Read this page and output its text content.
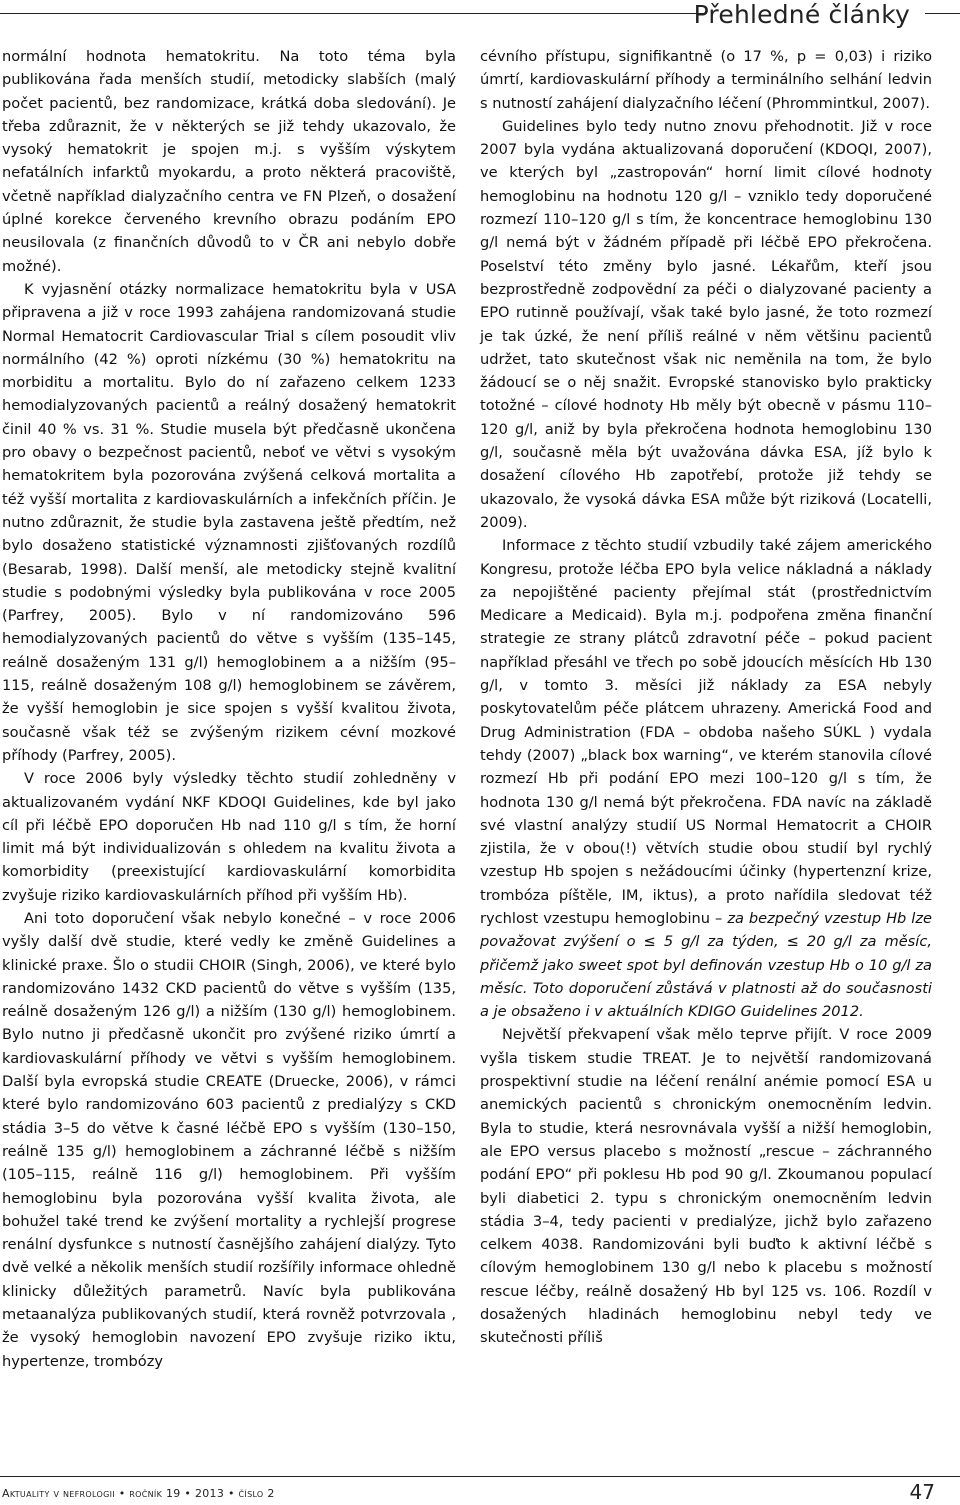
Přehledné články

normální hodnota hematokritu. Na toto téma byla publikována řada menších studií, metodicky slabších (malý počet pacientů, bez randomizace, krátká doba sledování). Je třeba zdůraznit, že v některých se již tehdy ukazovalo, že vysoký hematokrit je spojen m.j. s vyšším výskytem nefatálních infarktů myokardu, a proto některá pracoviště, včetně například dialyzačního centra ve FN Plzeň, o dosažení úplné korekce červeného krevního obrazu podáním EPO neusilovala (z finančních důvodů to v ČR ani nebylo dobře možné).

K vyjasnění otázky normalizace hematokritu byla v USA připravena a již v roce 1993 zahájena randomizovaná studie Normal Hematocrit Cardiovascular Trial s cílem posoudit vliv normálního (42 %) oproti nízkému (30 %) hematokritu na morbiditu a mortalitu. Bylo do ní zařazeno celkem 1233 hemodialyzovaných pacientů a reálný dosažený hematokrit činil 40 % vs. 31 %. Studie musela být předčasně ukončena pro obavy o bezpečnost pacientů, neboť ve větvi s vysokým hematokritem byla pozorována zvýšená celková mortalita a též vyšší mortalita z kardiovaskulárních a infekčních příčin. Je nutno zdůraznit, že studie byla zastavena ještě předtím, než bylo dosaženo statistické významnosti zjišťovaných rozdílů (Besarab, 1998). Další menší, ale metodicky stejně kvalitní studie s podobnými výsledky byla publikována v roce 2005 (Parfrey, 2005). Bylo v ní randomizováno 596 hemodialyzovaných pacientů do větve s vyšším (135–145, reálně dosaženým 131 g/l) hemoglobinem a a nižším (95–115, reálně dosaženým 108 g/l) hemoglobinem se závěrem, že vyšší hemoglobin je sice spojen s vyšší kvalitou života, současně však též se zvýšeným rizikem cévní mozkové příhody (Parfrey, 2005).

V roce 2006 byly výsledky těchto studií zohledněny v aktualizovaném vydání NKF KDOQI Guidelines, kde byl jako cíl při léčbě EPO doporučen Hb nad 110 g/l s tím, že horní limit má být individualizován s ohledem na kvalitu života a komorbidity (preexistující kardiovaskulární komorbidita zvyšuje riziko kardiovaskulárních příhod při vyšším Hb).

Ani toto doporučení však nebylo konečné – v roce 2006 vyšly další dvě studie, které vedly ke změně Guidelines a klinické praxe. Šlo o studii CHOIR (Singh, 2006), ve které bylo randomizováno 1432 CKD pacientů do větve s vyšším (135, reálně dosaženým 126 g/l) a nižším (130 g/l) hemoglobinem. Bylo nutno ji předčasně ukončit pro zvýšené riziko úmrtí a kardiovaskulární příhody ve větvi s vyšším hemoglobinem. Další byla evropská studie CREATE (Druecke, 2006), v rámci které bylo randomizováno 603 pacientů z predialýzy s CKD stádia 3–5 do větve k časné léčbě EPO s vyšším (130–150, reálně 135 g/l) hemoglobinem a záchranné léčbě s nižším (105–115, reálně 116 g/l) hemoglobinem. Při vyšším hemoglobinu byla pozorována vyšší kvalita života, ale bohužel také trend ke zvýšení mortality a rychlejší progrese renální dysfunkce s nutností časnějšího zahájení dialýzy. Tyto dvě velké a několik menších studií rozšířily informace ohledně klinicky důležitých parametrů. Navíc byla publikována metaanalýza publikovaných studií, která rovněž potvrzovala , že vysoký hemoglobin navození EPO zvyšuje riziko iktu, hypertenze, trombózy

cévního přístupu, signifikantně (o 17 %, p = 0,03) i riziko úmrtí, kardiovaskulární příhody a terminálního selhání ledvin s nutností zahájení dialyzačního léčení (Phrommintkul, 2007).

Guidelines bylo tedy nutno znovu přehodnotit. Již v roce 2007 byla vydána aktualizovaná doporučení (KDOQI, 2007), ve kterých byl „zastropován“ horní limit cílové hodnoty hemoglobinu na hodnotu 120 g/l – vzniklo tedy doporučené rozmezí 110–120 g/l s tím, že koncentrace hemoglobinu 130 g/l nemá být v žádném případě při léčbě EPO překročena. Poselství této změny bylo jasné. Lékařům, kteří jsou bezprostředně zodpovědní za péči o dialyzované pacienty a EPO rutinně používají, však také bylo jasné, že toto rozmezí je tak úzké, že není příliš reálné v něm většinu pacientů udržet, tato skutečnost však nic neměnila na tom, že bylo žádoucí se o něj snažit. Evropské stanovisko bylo prakticky totožné – cílové hodnoty Hb měly být obecně v pásmu 110–120 g/l, aniž by byla překročena hodnota hemoglobinu 130 g/l, současně měla být uvažována dávka ESA, jíž bylo k dosažení cílového Hb zapotřebí, protože již tehdy se ukazovalo, že vysoká dávka ESA může být riziková (Locatelli, 2009).

Informace z těchto studií vzbudily také zájem amerického Kongresu, protože léčba EPO byla velice nákladná a náklady za nepojištěné pacienty přejímal stát (prostřednictvím Medicare a Medicaid). Byla m.j. podpořena změna finanční strategie ze strany plátců zdravotní péče – pokud pacient například přesáhl ve třech po sobě jdoucích měsících Hb 130 g/l, v tomto 3. měsíci již náklady za ESA nebyly poskytovatelům péče plátcem uhrazeny. Americká Food and Drug Administration (FDA – obdoba našeho SÚKL ) vydala tehdy (2007) „black box warning“, ve kterém stanovila cílové rozmezí Hb při podání EPO mezi 100–120 g/l s tím, že hodnota 130 g/l nemá být překročena. FDA navíc na základě své vlastní analýzy studií US Normal Hematocrit a CHOIR zjistila, že v obou(!) větvích studie obou studií byl rychlý vzestup Hb spojen s nežádoucími účinky (hypertenzní krize, trombóza píštěle, IM, iktus), a proto nařídila sledovat též rychlost vzestupu hemoglobinu – za bezpečný vzestup Hb lze považovat zvýšení o ≤ 5 g/l za týden, ≤ 20 g/l za měsíc, přičemž jako sweet spot byl definován vzestup Hb o 10 g/l za měsíc. Toto doporučení zůstává v platnosti až do současnosti a je obsaženo i v aktuálních KDIGO Guidelines 2012.

Největší překvapení však mělo teprve přijít. V roce 2009 vyšla tiskem studie TREAT. Je to největší randomizovaná prospektivní studie na léčení renální anémie pomocí ESA u anemických pacientů s chronickým onemocněním ledvin. Byla to studie, která nesrovnávala vyšší a nižší hemoglobin, ale EPO versus placebo s možností „rescue – záchranného podání EPO“ při poklesu Hb pod 90 g/l. Zkoumanou populací byli diabetici 2. typu s chronickým onemocněním ledvin stádia 3–4, tedy pacienti v predialýze, jichž bylo zařazeno celkem 4038. Randomizováni byli buďto k aktivní léčbě s cílovým hemoglobinem 130 g/l nebo k placebu s možností rescue léčby, reálně dosažený Hb byl 125 vs. 106. Rozdíl v dosažených hladinách hemoglobinu nebyl tedy ve skutečnosti příliš

Aktuality v nefrologii • ročník 19 • 2013 • číslo 2	47
